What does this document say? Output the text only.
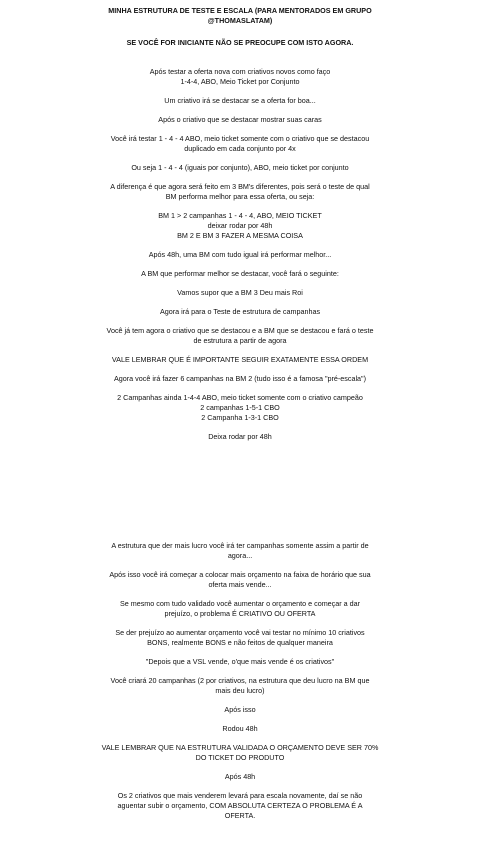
MINHA ESTRUTURA DE TESTE E ESCALA (PARA MENTORADOS EM GRUPO @THOMASLATAM)

SE VOCÊ FOR INICIANTE NÃO SE PREOCUPE COM ISTO AGORA.

Após testar a oferta nova com criativos novos como faço
1-4-4, ABO, Meio Ticket por Conjunto

Um criativo irá se destacar se a oferta for boa...

Após o criativo que se destacar mostrar suas caras

Você irá testar 1 - 4 - 4 ABO, meio ticket somente com o criativo que se destacou
duplicado em cada conjunto por 4x

Ou seja 1 - 4 - 4 (iguais por conjunto), ABO, meio ticket por conjunto

A diferença é que agora será feito em 3 BM's diferentes, pois será o teste de qual
BM performa melhor para essa oferta, ou seja:

BM 1 > 2 campanhas 1 - 4 - 4, ABO, MEIO TICKET
deixar rodar por 48h
BM 2 E BM 3 FAZER A MESMA COISA

Após 48h, uma BM com tudo igual irá performar melhor...

A BM que performar melhor se destacar, você fará o seguinte:

Vamos supor que a BM 3 Deu mais Roi

Agora irá para o Teste de estrutura de campanhas

Você já tem agora o criativo que se destacou e a BM que se destacou e fará o teste
de estrutura a partir de agora

VALE LEMBRAR QUE É IMPORTANTE SEGUIR EXATAMENTE ESSA ORDEM

Agora você irá fazer 6 campanhas na BM 2 (tudo isso é a famosa "pré-escala")

2 Campanhas ainda 1-4-4 ABO, meio ticket somente com o criativo campeão
2 campanhas 1-5-1 CBO
2 Campanha 1-3-1 CBO

Deixa rodar por 48h

A estrutura que der mais lucro você irá ter campanhas somente assim a partir de
agora...

Após isso você irá começar a colocar mais orçamento na faixa de horário que sua
oferta mais vende...

Se mesmo com tudo validado você aumentar o orçamento e começar a dar
prejuízo, o problema É CRIATIVO OU OFERTA

Se der prejuízo ao aumentar orçamento você vai testar no mínimo 10 criativos
BONS, realmente BONS e não feitos de qualquer maneira

"Depois que a VSL vende, o'que mais vende é os criativos"

Você criará 20 campanhas (2 por criativos, na estrutura que deu lucro na BM que
mais deu lucro)

Após isso

Rodou 48h

VALE LEMBRAR QUE NA ESTRUTURA VALIDADA O ORÇAMENTO DEVE SER 70%
DO TICKET DO PRODUTO

Após 48h

Os 2 criativos que mais venderem levará para escala novamente, daí se não
aguentar subir o orçamento, COM ABSOLUTA CERTEZA O PROBLEMA É A
OFERTA.
